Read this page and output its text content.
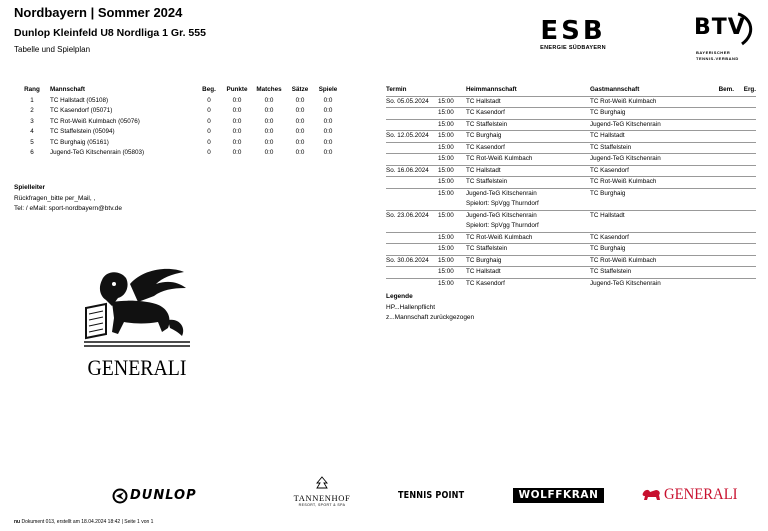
Nordbayern | Sommer 2024
Dunlop Kleinfeld U8 Nordliga 1 Gr. 555
Tabelle und Spielplan
ESB
ENERGIE SÜDBAYERN
BTV
BAYERISCHER
TENNIS-VERBAND
Rang	Mannschaft	Beg.	Punkte	Matches	Sätze	Spiele
1	TC Hallstadt (05108)	0	0:0	0:0	0:0	0:0
2	TC Kasendorf (05071)	0	0:0	0:0	0:0	0:0
3	TC Rot-Weiß Kulmbach (05076)	0	0:0	0:0	0:0	0:0
4	TC Staffelstein (05094)	0	0:0	0:0	0:0	0:0
5	TC Burghaig (05161)	0	0:0	0:0	0:0	0:0
6	Jugend-TeG Kitschenrain (05803)	0	0:0	0:0	0:0	0:0
Termin		Heimmannschaft	Gastmannschaft	Bem.	Erg.
So. 05.05.2024	15:00	TC Hallstadt	TC Rot-Weiß Kulmbach		
	15:00	TC Kasendorf	TC Burghaig		
	15:00	TC Staffelstein	Jugend-TeG Kitschenrain		
So. 12.05.2024	15:00	TC Burghaig	TC Hallstadt		
	15:00	TC Kasendorf	TC Staffelstein		
	15:00	TC Rot-Weiß Kulmbach	Jugend-TeG Kitschenrain		
So. 16.06.2024	15:00	TC Hallstadt	TC Kasendorf		
	15:00	TC Staffelstein	TC Rot-Weiß Kulmbach		
	15:00	Jugend-TeG Kitschenrain	TC Burghaig		
		Spielort: SpVgg Thurndorf			
So. 23.06.2024	15:00	Jugend-TeG Kitschenrain	TC Hallstadt		
		Spielort: SpVgg Thurndorf			
	15:00	TC Rot-Weiß Kulmbach	TC Kasendorf		
	15:00	TC Staffelstein	TC Burghaig		
So. 30.06.2024	15:00	TC Burghaig	TC Rot-Weiß Kulmbach		
	15:00	TC Hallstadt	TC Staffelstein		
	15:00	TC Kasendorf	Jugend-TeG Kitschenrain		
Spielleiter
Rückfragen_bitte per_Mail, ,
Tel: / eMail: sport-nordbayern@btv.de
Legende
HP...Hallenpflicht
z...Mannschaft zurückgezogen
GENERALI
DUNLOP	TANNENHOF
RESORT, SPORT & SPA
TENNIS POINT	WOLFFKRAN	GENERALI
nu Dokument 013, erstellt am 18.04.2024 18:42 | Seite 1 von 1
